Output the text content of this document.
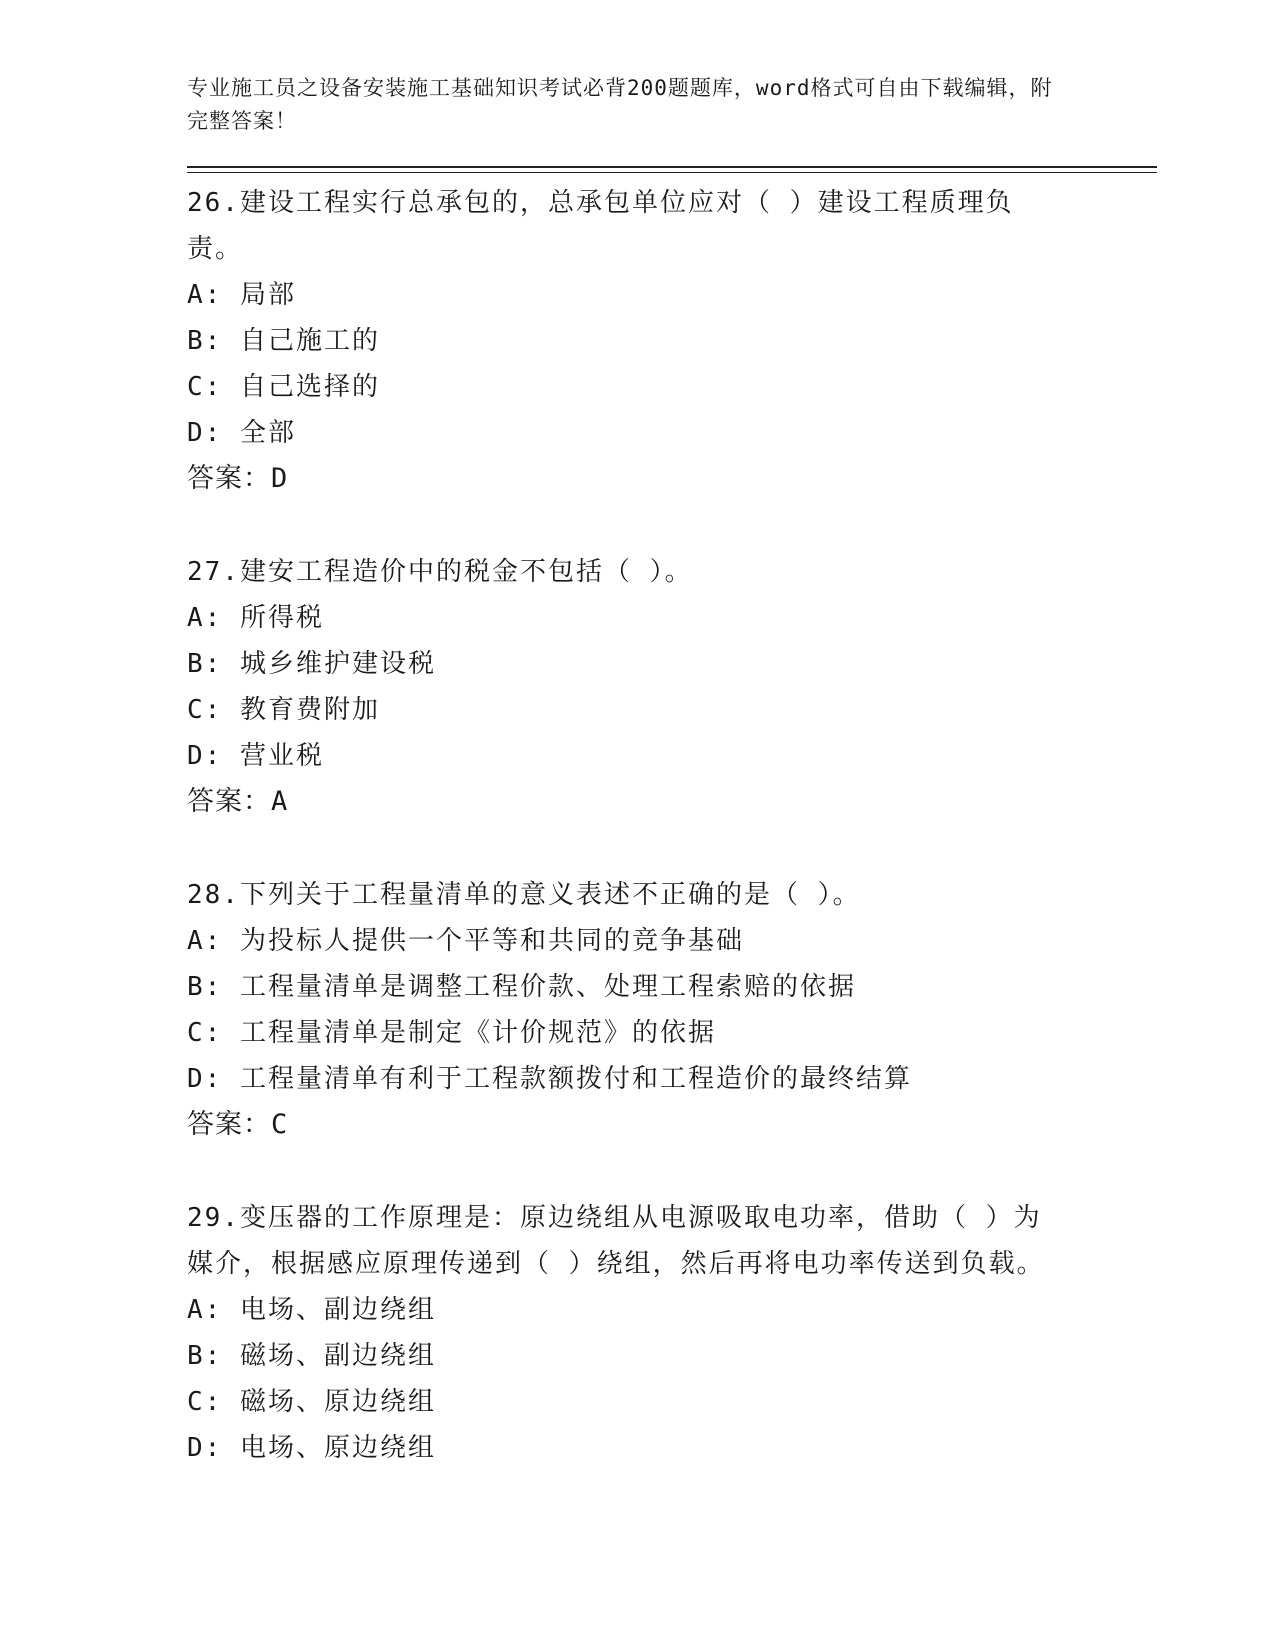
专业施工员之设备安装施工基础知识考试必背200题题库，word格式可自由下载编辑，附完整答案！
26.建设工程实行总承包的，总承包单位应对（ ）建设工程质理负责。
A: 局部
B: 自己施工的
C: 自己选择的
D: 全部
答案：D
27.建安工程造价中的税金不包括（ ）。
A: 所得税
B: 城乡维护建设税
C: 教育费附加
D: 营业税
答案：A
28.下列关于工程量清单的意义表述不正确的是（ ）。
A: 为投标人提供一个平等和共同的竞争基础
B: 工程量清单是调整工程价款、处理工程索赔的依据
C: 工程量清单是制定《计价规范》的依据
D: 工程量清单有利于工程款额拨付和工程造价的最终结算
答案：C
29.变压器的工作原理是：原边绕组从电源吸取电功率，借助（ ）为媒介，根据感应原理传递到（ ）绕组，然后再将电功率传送到负载。
A: 电场、副边绕组
B: 磁场、副边绕组
C: 磁场、原边绕组
D: 电场、原边绕组
